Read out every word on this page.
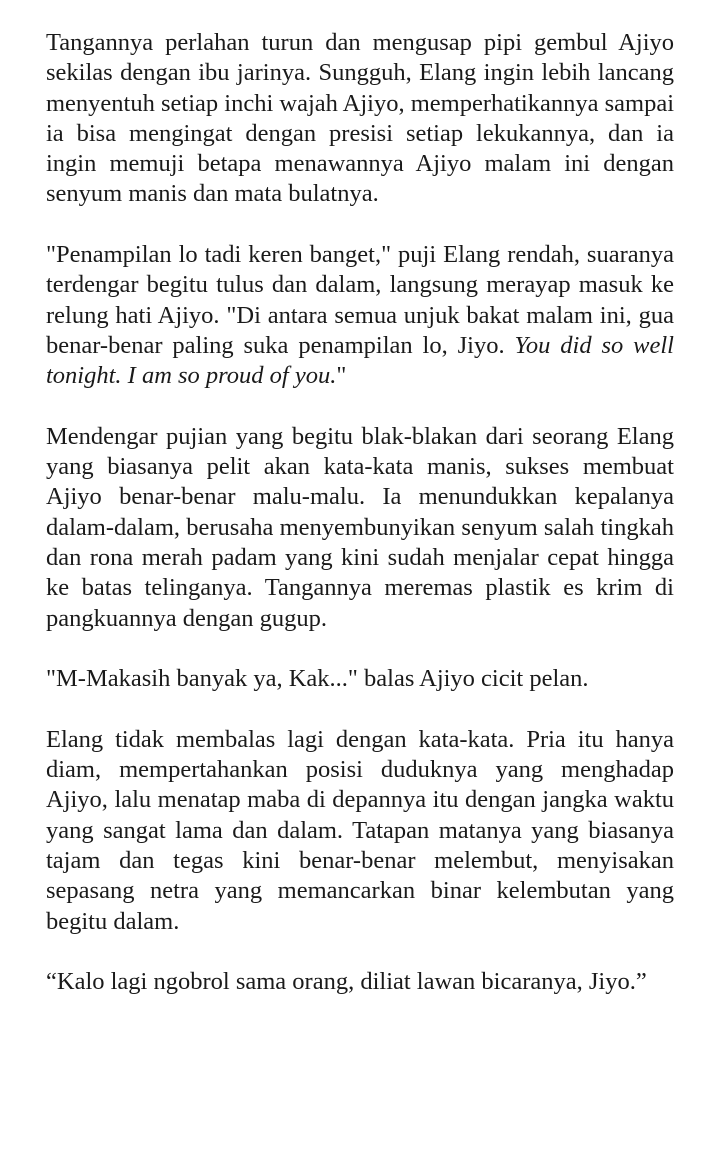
Tangannya perlahan turun dan mengusap pipi gembul Ajiyo sekilas dengan ibu jarinya. Sungguh, Elang ingin lebih lancang menyentuh setiap inchi wajah Ajiyo, memperhatikannya sampai ia bisa mengingat dengan presisi setiap lekukannya, dan ia ingin memuji betapa menawannya Ajiyo malam ini dengan senyum manis dan mata bulatnya.

"Penampilan lo tadi keren banget," puji Elang rendah, suaranya terdengar begitu tulus dan dalam, langsung merayap masuk ke relung hati Ajiyo. "Di antara semua unjuk bakat malam ini, gua benar-benar paling suka penampilan lo, Jiyo. You did so well tonight. I am so proud of you."

Mendengar pujian yang begitu blak-blakan dari seorang Elang yang biasanya pelit akan kata-kata manis, sukses membuat Ajiyo benar-benar malu-malu. Ia menundukkan kepalanya dalam-dalam, berusaha menyembunyikan senyum salah tingkah dan rona merah padam yang kini sudah menjalar cepat hingga ke batas telinganya. Tangannya meremas plastik es krim di pangkuannya dengan gugup.

"M-Makasih banyak ya, Kak..." balas Ajiyo cicit pelan.

Elang tidak membalas lagi dengan kata-kata. Pria itu hanya diam, mempertahankan posisi duduknya yang menghadap Ajiyo, lalu menatap maba di depannya itu dengan jangka waktu yang sangat lama dan dalam. Tatapan matanya yang biasanya tajam dan tegas kini benar-benar melembut, menyisakan sepasang netra yang memancarkan binar kelembutan yang begitu dalam.

“Kalo lagi ngobrol sama orang, diliat lawan bicaranya, Jiyo.”
